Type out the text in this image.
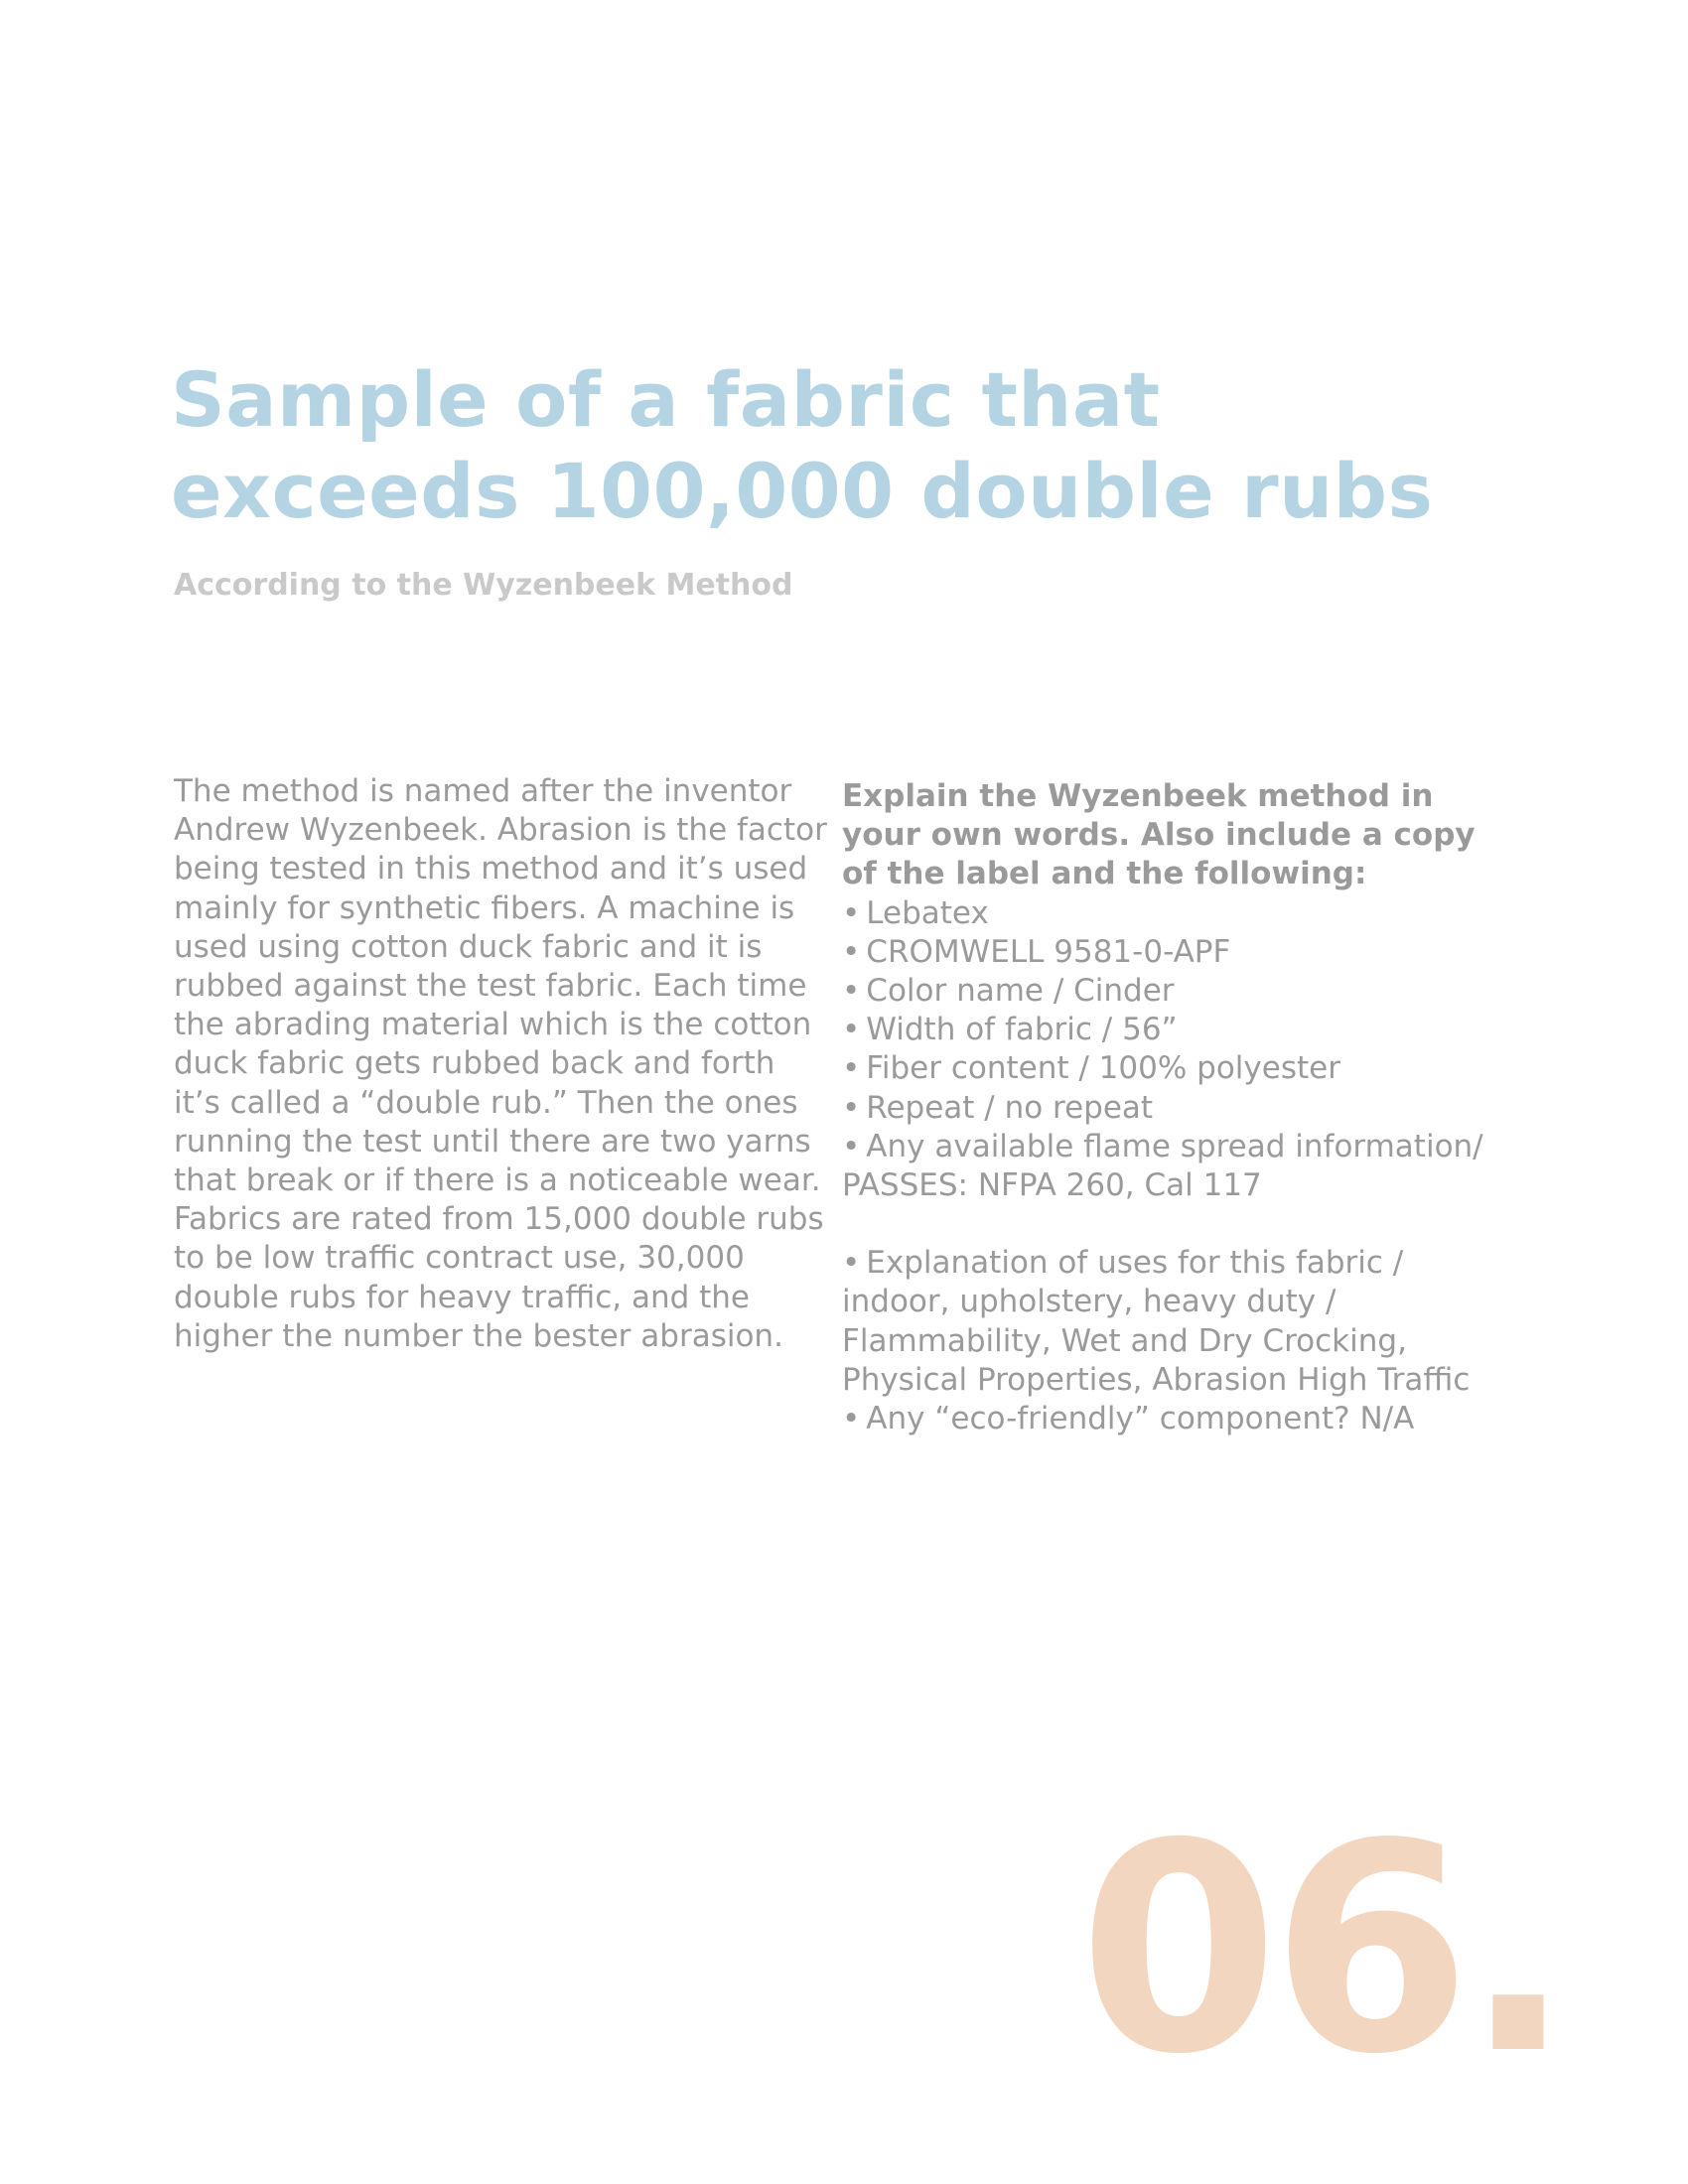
Sample of a fabric that exceeds 100,000 double rubs
According to the Wyzenbeek Method

The method is named after the inventor Andrew Wyzenbeek. Abrasion is the factor being tested in this method and it’s used mainly for synthetic fibers. A machine is used using cotton duck fabric and it is rubbed against the test fabric. Each time the abrading material which is the cotton duck fabric gets rubbed back and forth it’s called a “double rub.” Then the ones running the test until there are two yarns that break or if there is a noticeable wear. Fabrics are rated from 15,000 double rubs to be low traffic contract use, 30,000 double rubs for heavy traffic, and the higher the number the bester abrasion.

Explain the Wyzenbeek method in your own words. Also include a copy of the label and the following:

• Lebatex
• CROMWELL 9581-0-APF
• Color name / Cinder
• Width of fabric / 56”
• Fiber content / 100% polyester
• Repeat / no repeat
• Any available flame spread information/ PASSES: NFPA 260, Cal 117
• Explanation of uses for this fabric / indoor, upholstery, heavy duty / Flammability, Wet and Dry Crocking, Physical Properties, Abrasion High Traffic
• Any “eco-friendly” component? N/A
06.
